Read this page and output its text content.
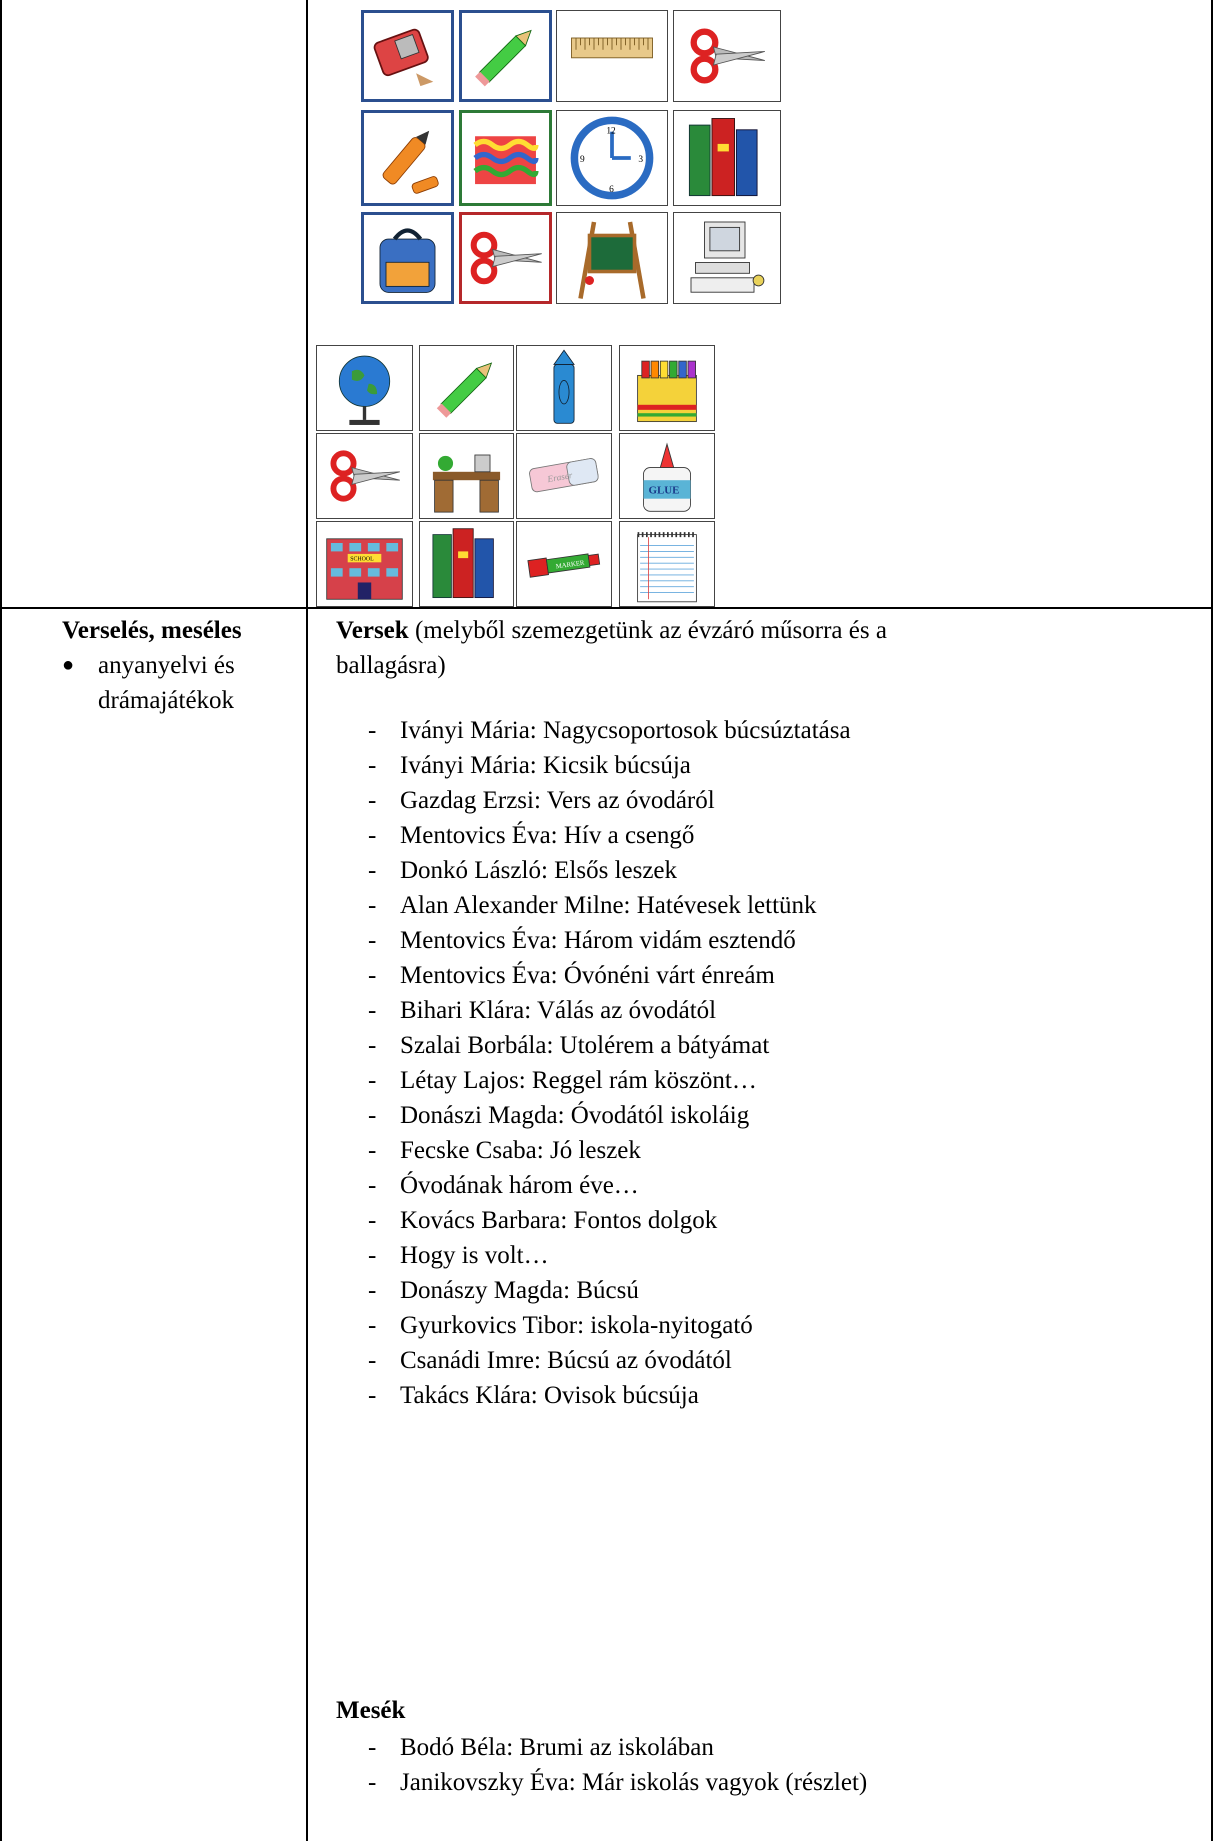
12
3
6
9
Eraser
GLUE
SCHOOL	MARKER
Verselés, meséles
● anyanyelvi és
drámajátékok
Versek (melyből szemezgetünk az évzáró műsorra és a
ballagásra)
- Iványi Mária: Nagycsoportosok búcsúztatása
- Iványi Mária: Kicsik búcsúja
- Gazdag Erzsi: Vers az óvodáról
- Mentovics Éva: Hív a csengő
- Donkó László: Elsős leszek
- Alan Alexander Milne: Hatévesek lettünk
- Mentovics Éva: Három vidám esztendő
- Mentovics Éva: Óvónéni várt énreám
- Bihari Klára: Válás az óvodától
- Szalai Borbála: Utolérem a bátyámat
- Létay Lajos: Reggel rám köszönt…
- Donászi Magda: Óvodától iskoláig
- Fecske Csaba: Jó leszek
- Óvodának három éve…
- Kovács Barbara: Fontos dolgok
- Hogy is volt…
- Donászy Magda: Búcsú
- Gyurkovics Tibor: iskola-nyitogató
- Csanádi Imre: Búcsú az óvodától
- Takács Klára: Ovisok búcsúja
Mesék
- Bodó Béla: Brumi az iskolában
- Janikovszky Éva: Már iskolás vagyok (részlet)
